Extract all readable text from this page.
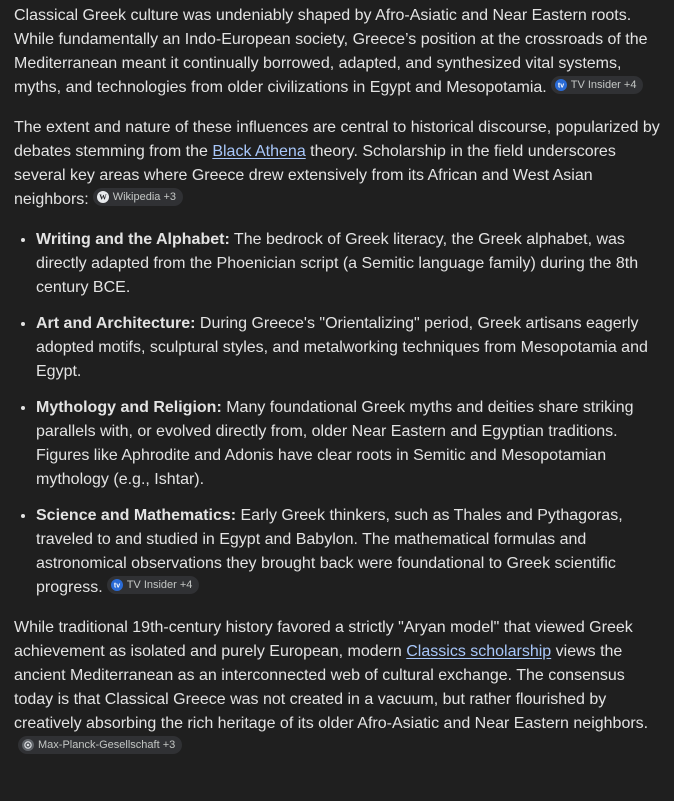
Classical Greek culture was undeniably shaped by Afro-Asiatic and Near Eastern roots. While fundamentally an Indo-European society, Greece’s position at the crossroads of the Mediterranean meant it continually borrowed, adapted, and synthesized vital systems, myths, and technologies from older civilizations in Egypt and Mesopotamia. tv TV Insider +4

The extent and nature of these influences are central to historical discourse, popularized by debates stemming from the Black Athena theory. Scholarship in the field underscores several key areas where Greece drew extensively from its African and West Asian neighbors: W Wikipedia +3

• Writing and the Alphabet: The bedrock of Greek literacy, the Greek alphabet, was directly adapted from the Phoenician script (a Semitic language family) during the 8th century BCE.
• Art and Architecture: During Greece's "Orientalizing" period, Greek artisans eagerly adopted motifs, sculptural styles, and metalworking techniques from Mesopotamia and Egypt.
• Mythology and Religion: Many foundational Greek myths and deities share striking parallels with, or evolved directly from, older Near Eastern and Egyptian traditions. Figures like Aphrodite and Adonis have clear roots in Semitic and Mesopotamian mythology (e.g., Ishtar).
• Science and Mathematics: Early Greek thinkers, such as Thales and Pythagoras, traveled to and studied in Egypt and Babylon. The mathematical formulas and astronomical observations they brought back were foundational to Greek scientific progress. tv TV Insider +4

While traditional 19th-century history favored a strictly "Aryan model" that viewed Greek achievement as isolated and purely European, modern Classics scholarship views the ancient Mediterranean as an interconnected web of cultural exchange. The consensus today is that Classical Greece was not created in a vacuum, but rather flourished by creatively absorbing the rich heritage of its older Afro-Asiatic and Near Eastern neighbors.
Max-Planck-Gesellschaft +3
